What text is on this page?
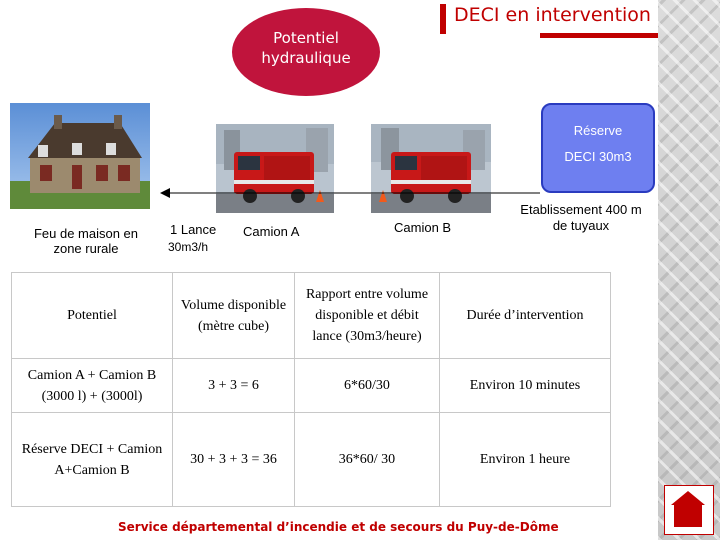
Potentiel
hydraulique
DECI en intervention
Réserve
DECI 30m3
Feu de maison en zone rurale
1 Lance
30m3/h
Camion A	Camion B
Etablissement 400 m de tuyaux
Potentiel	Volume disponible (mètre cube)	Rapport entre volume disponible et débit lance (30m3/heure)	Durée d’intervention
Camion A + Camion B (3000 l) + (3000l)	3 + 3 = 6	6*60/30	Environ 10 minutes
Réserve DECI + Camion A+Camion B	30 + 3 + 3 = 36	36*60/ 30	Environ 1 heure
Service départemental d’incendie et de secours du Puy-de-Dôme
